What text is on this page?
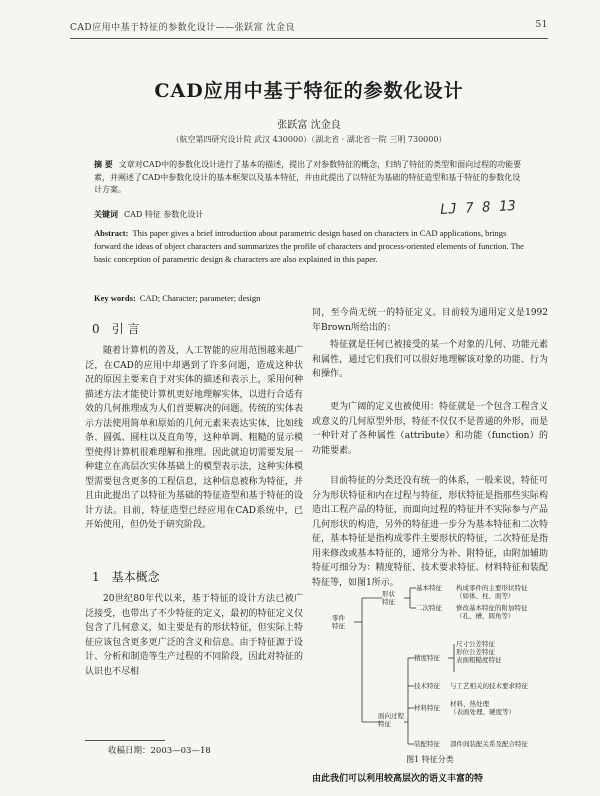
CAD应用中基于特征的参数化设计——张跃富 沈金良	51
CAD应用中基于特征的参数化设计
张跃富 沈金良
（航空第四研究设计院 武汉 430000）（湖北省 · 湖北省一院 三明 730000）
摘 要 文章对CAD中的参数化设计进行了基本的描述，提出了对参数特征的概念，归纳了特征的类型和面向过程的功能要素，并阐述了CAD中参数化设计的基本框架以及基本特征，并由此提出了以特征为基础的特征造型和基于特征的参数化设计方案。
关键词 CAD 特征 参数化设计	LJ 7 8 13
Abstract: This paper gives a brief introduction about parametric design based on characters in CAD applications, brings forward the ideas of object characters and summarizes the profile of characters and process-oriented elements of function. The basic conception of parametric design & characters are also explained in this paper.
Key words: CAD; Character; parameter; design
0 引 言

随着计算机的普及，人工智能的应用范围越来越广泛，在CAD的应用中却遇到了许多问题，造成这种状况的原因主要来自于对实体的描述和表示上，采用何种描述方法才能使计算机更好地理解实体，以进行合适有效的几何推理成为人们首要解决的问题。传统的实体表示方法使用简单和原始的几何元素来表达实体，比如线条、圆弧、圆柱以及直角等，这种单调、粗糙的显示模型使得计算机很难理解和推理。因此就迫切需要发展一种建立在高层次实体基础上的模型表示法，这种实体模型需要包含更多的工程信息，这种信息被称为特征，并且由此提出了以特征为基础的特征造型和基于特征的设计方法。目前，特征造型已经应用在CAD系统中，已开始使用，但仍处于研究阶段。

1 基本概念

20世纪80年代以来，基于特征的设计方法已被广泛接受，也带出了不少特征的定义，最初的特征定义仅包含了几何意义，如主要是有的形状特征，但实际上特征应该包含更多更广泛的含义和信息。由于特征源于设计、分析和制造等生产过程的不同阶段，因此对特征的认识也不尽相

收稿日期：2003—03—18

同，至今尚无统一的特征定义。目前较为通用定义是1992年Brown所给出的：

特征就是任何已被接受的某一个对象的几何、功能元素和属性，通过它们我们可以很好地理解该对象的功能、行为和操作。

更为广阔的定义也被使用：特征就是一个包含工程含义或意义的几何原型外形，特征不仅仅不是普通的外形，而是一种针对了各种属性（attribute）和功能（function）的功能要素。

目前特征的分类还没有统一的体系，一般来说，特征可分为形状特征和内在过程与特征，形状特征是指那些实际构造出工程产品的特征，而面向过程的特征并不实际参与产品几何形状的构造，另外的特征进一步分为基本特征和二次特征，基本特征是指构成零件主要形状的特征，二次特征是指用来修改或基本特征的，通常分为补、附特征，由附加辅助特征可细分为：精度特征、技术要求特征、材料特征和装配特征等，如图1所示。

零件特征
形状特征
面向过程特征
基本特征 构成零件的主要形状特征（如体、柱、面等）
二次特征 修改基本特征的附加特征（孔、槽、圆角等）
精度特征
尺寸公差特征形位公差特征表面粗糙度特征
技术特征 与工艺相关的技术要求特征
材料特征 材料、热处理（表面处理、硬度等）
装配特征 部件间装配关系及配合特征
图1 特征分类
由此我们可以利用较高层次的语义丰富的特
